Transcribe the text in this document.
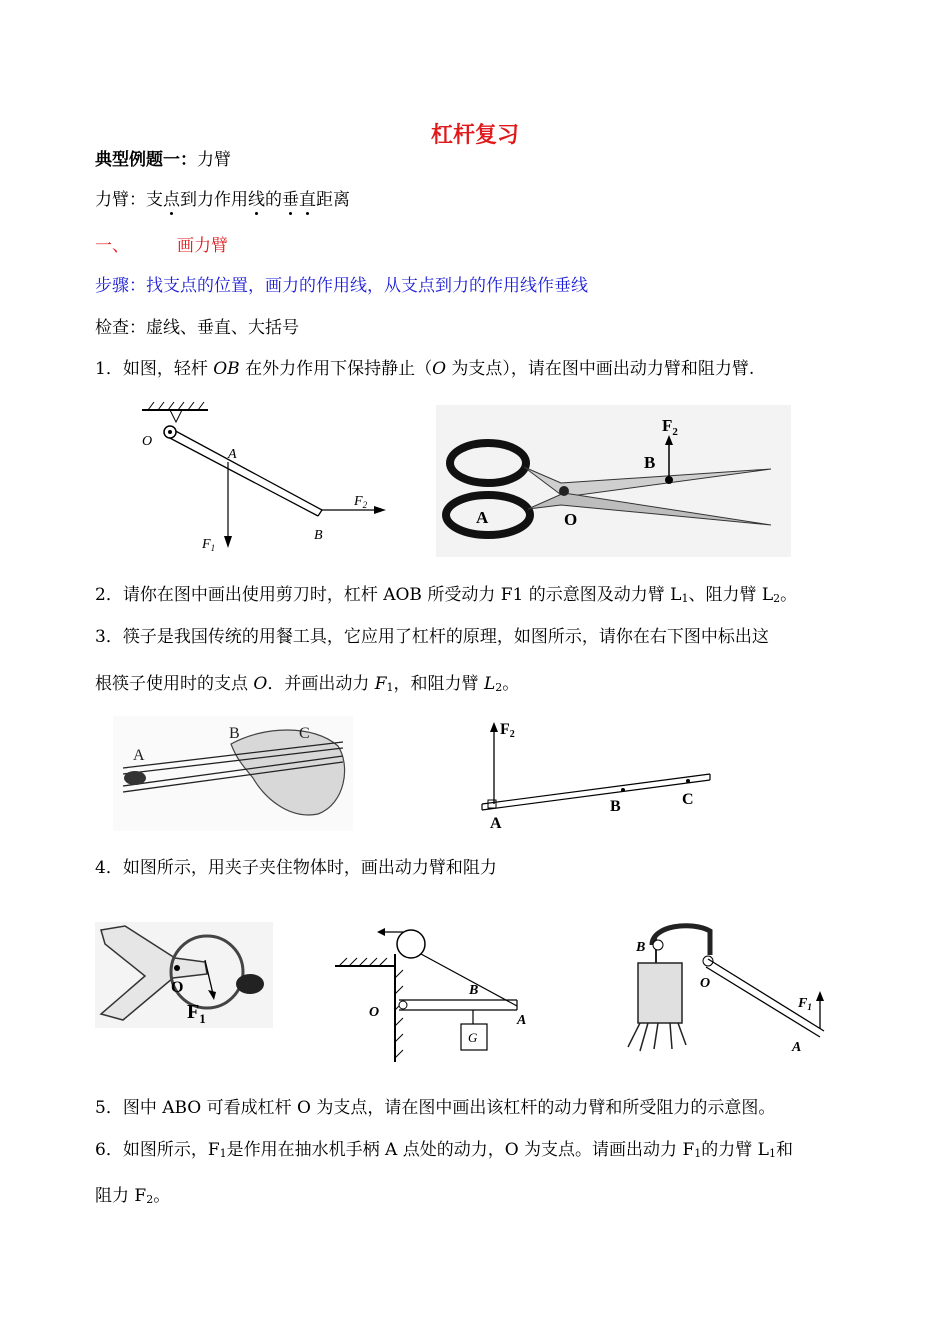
杠杆复习
典型例题一：力臂
力臂：支点到力作用线的垂直距离
一、	画力臂
步骤：找支点的位置，画力的作用线，从支点到力的作用线作垂线
检查：虚线、垂直、大括号
1．如图，轻杆 OB 在外力作用下保持静止（O 为支点），请在图中画出动力臂和阻力臂.
O
A
B
$F_1$
$F_2$
$F_2$
B
A	O
2．请你在图中画出使用剪刀时，杠杆 AOB 所受动力 F1 的示意图及动力臂 $L_1$、阻力臂 $L_2$。
3．筷子是我国传统的用餐工具，它应用了杠杆的原理，如图所示，请你在右下图中标出这
根筷子使用时的支点 O．并画出动力 $F_1$，和阻力臂 $L_2$。
A
B	C	F2
A
B	C
4．如图所示，用夹子夹住物体时，画出动力臂和阻力
O
$F_1$
G
O
B
A
B
O
$F_1$
A
5．图中 ABO 可看成杠杆 O 为支点，请在图中画出该杠杆的动力臂和所受阻力的示意图。
6．如图所示，$F_1$是作用在抽水机手柄 A 点处的动力，O 为支点。请画出动力 $F_1$的力臂 $L_1$和
阻力 $F_2$。
